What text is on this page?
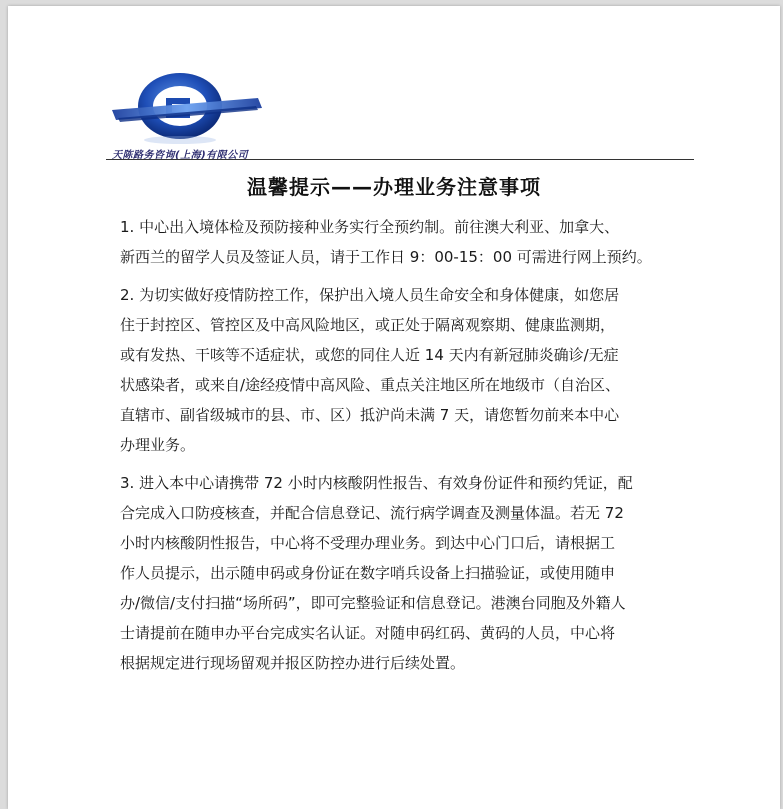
天陈路务咨询(上海)有限公司
温馨提示——办理业务注意事项
1. 中心出入境体检及预防接种业务实行全预约制。前往澳大利亚、加拿大、
新西兰的留学人员及签证人员，请于工作日 9：00-15：00 可需进行网上预约。
2. 为切实做好疫情防控工作，保护出入境人员生命安全和身体健康，如您居
住于封控区、管控区及中高风险地区，或正处于隔离观察期、健康监测期，
或有发热、干咳等不适症状，或您的同住人近 14 天内有新冠肺炎确诊/无症
状感染者，或来自/途经疫情中高风险、重点关注地区所在地级市（自治区、
直辖市、副省级城市的县、市、区）抵沪尚未满 7 天，请您暂勿前来本中心
办理业务。
3. 进入本中心请携带 72 小时内核酸阴性报告、有效身份证件和预约凭证，配
合完成入口防疫核查，并配合信息登记、流行病学调查及测量体温。若无 72
小时内核酸阴性报告，中心将不受理办理业务。到达中心门口后，请根据工
作人员提示，出示随申码或身份证在数字哨兵设备上扫描验证，或使用随申
办/微信/支付扫描“场所码”，即可完整验证和信息登记。港澳台同胞及外籍人
士请提前在随申办平台完成实名认证。对随申码红码、黄码的人员，中心将
根据规定进行现场留观并报区防控办进行后续处置。
